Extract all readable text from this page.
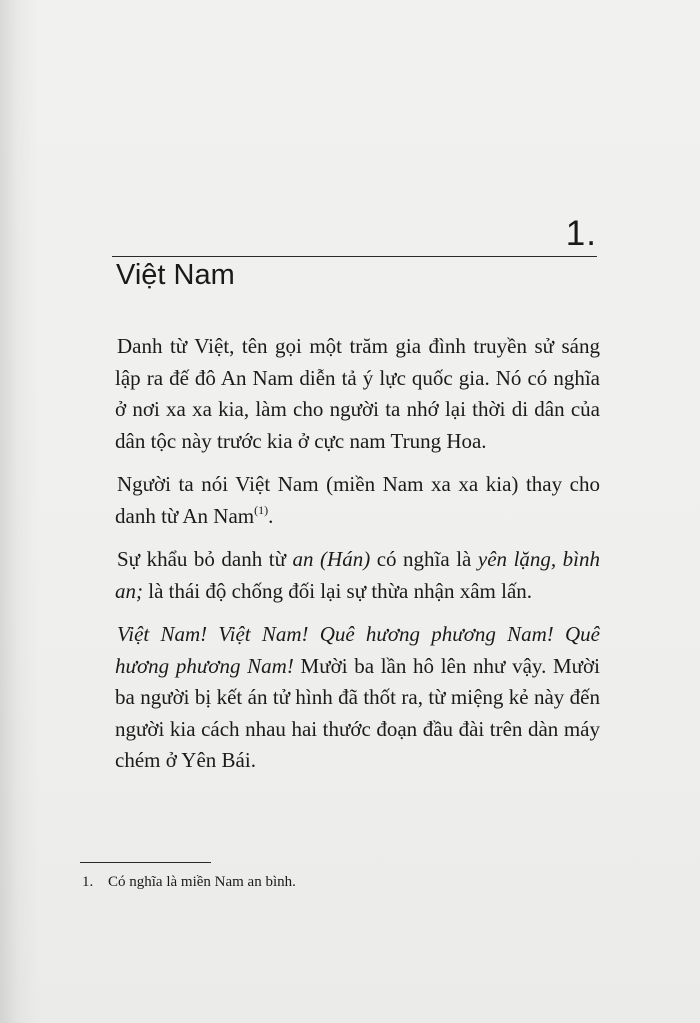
1.
Việt Nam

Danh từ Việt, tên gọi một trăm gia đình truyền sử sáng lập ra đế đô An Nam diễn tả ý lực quốc gia. Nó có nghĩa ở nơi xa xa kia, làm cho người ta nhớ lại thời di dân của dân tộc này trước kia ở cực nam Trung Hoa.

Người ta nói Việt Nam (miền Nam xa xa kia) thay cho danh từ An Nam$^{(1)}$.

Sự khẩu bỏ danh từ an (Hán) có nghĩa là yên lặng, bình an; là thái độ chống đối lại sự thừa nhận xâm lấn.

Việt Nam! Việt Nam! Quê hương phương Nam! Quê hương phương Nam! Mười ba lần hô lên như vậy. Mười ba người bị kết án tử hình đã thốt ra, từ miệng kẻ này đến người kia cách nhau hai thước đoạn đầu đài trên dàn máy chém ở Yên Bái.

1. Có nghĩa là miền Nam an bình.
